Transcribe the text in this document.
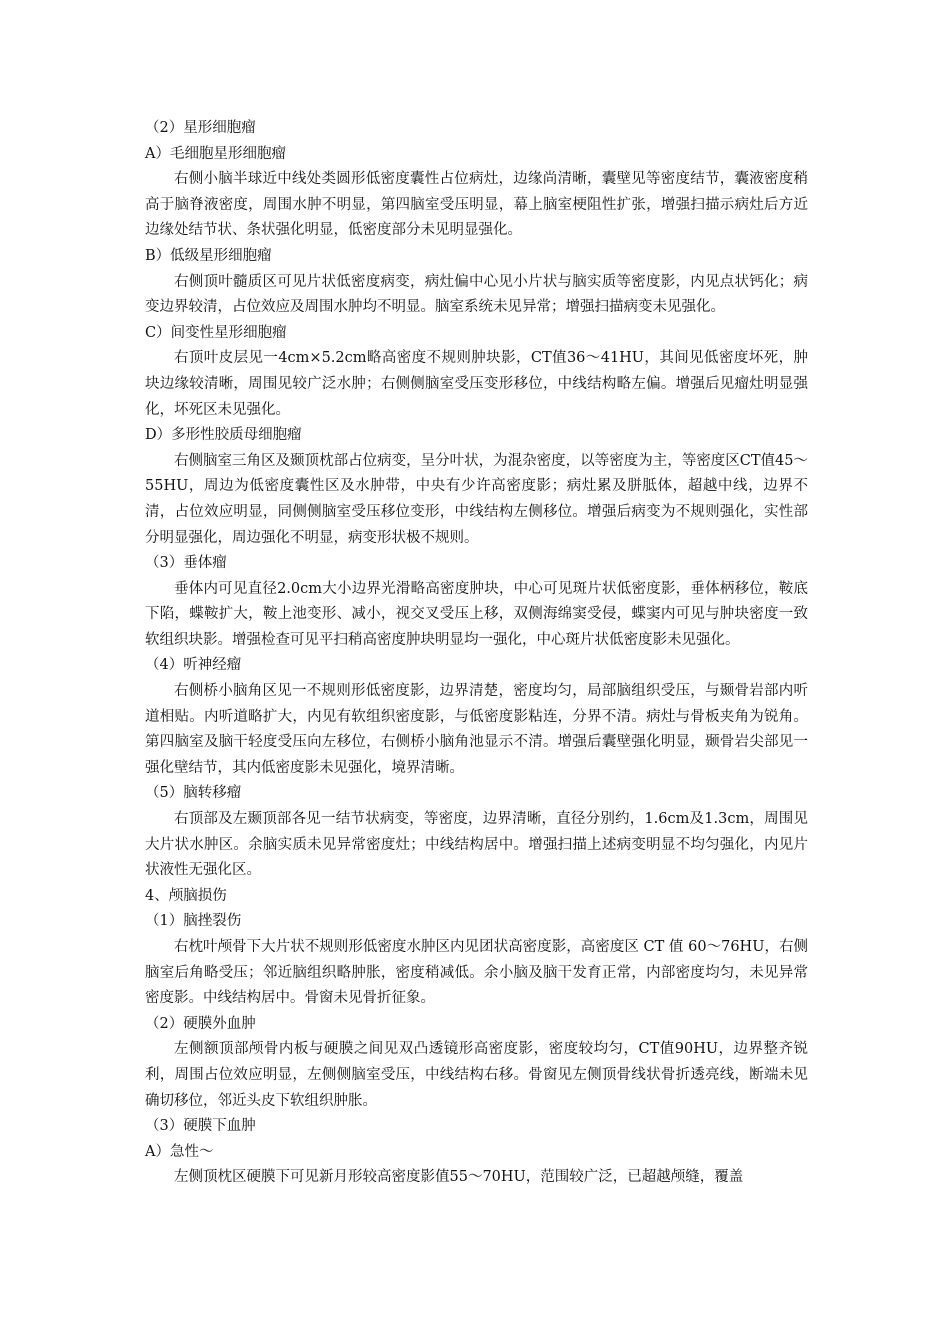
（2）星形细胞瘤

A）毛细胞星形细胞瘤

右侧小脑半球近中线处类圆形低密度囊性占位病灶，边缘尚清晰，囊壁见等密度结节，囊液密度稍高于脑脊液密度，周围水肿不明显，第四脑室受压明显，幕上脑室梗阻性扩张，增强扫描示病灶后方近边缘处结节状、条状强化明显，低密度部分未见明显强化。

B）低级星形细胞瘤

右侧顶叶髓质区可见片状低密度病变，病灶偏中心见小片状与脑实质等密度影，内见点状钙化；病变边界较清，占位效应及周围水肿均不明显。脑室系统未见异常；增强扫描病变未见强化。

C）间变性星形细胞瘤

右顶叶皮层见一4cm×5.2cm略高密度不规则肿块影，CT值36～41HU，其间见低密度坏死，肿块边缘较清晰，周围见较广泛水肿；右侧侧脑室受压变形移位，中线结构略左偏。增强后见瘤灶明显强化，坏死区未见强化。

D）多形性胶质母细胞瘤

右侧脑室三角区及颞顶枕部占位病变，呈分叶状，为混杂密度，以等密度为主，等密度区CT值45～55HU，周边为低密度囊性区及水肿带，中央有少许高密度影；病灶累及胼胝体，超越中线，边界不清，占位效应明显，同侧侧脑室受压移位变形，中线结构左侧移位。增强后病变为不规则强化，实性部分明显强化，周边强化不明显，病变形状极不规则。

（3）垂体瘤

垂体内可见直径2.0cm大小边界光滑略高密度肿块，中心可见斑片状低密度影，垂体柄移位，鞍底下陷，蝶鞍扩大，鞍上池变形、减小，视交叉受压上移，双侧海绵窦受侵，蝶窦内可见与肿块密度一致软组织块影。增强检查可见平扫稍高密度肿块明显均一强化，中心斑片状低密度影未见强化。

（4）听神经瘤

右侧桥小脑角区见一不规则形低密度影，边界清楚，密度均匀，局部脑组织受压，与颞骨岩部内听道相贴。内听道略扩大，内见有软组织密度影，与低密度影粘连，分界不清。病灶与骨板夹角为锐角。第四脑室及脑干轻度受压向左移位，右侧桥小脑角池显示不清。增强后囊壁强化明显，颞骨岩尖部见一强化壁结节，其内低密度影未见强化，境界清晰。

（5）脑转移瘤

右顶部及左颞顶部各见一结节状病变，等密度，边界清晰，直径分别约，1.6cm及1.3cm，周围见大片状水肿区。余脑实质未见异常密度灶；中线结构居中。增强扫描上述病变明显不均匀强化，内见片状液性无强化区。

4、颅脑损伤

（1）脑挫裂伤

右枕叶颅骨下大片状不规则形低密度水肿区内见团状高密度影，高密度区 CT 值 60～76HU，右侧脑室后角略受压；邻近脑组织略肿胀，密度稍减低。余小脑及脑干发育正常，内部密度均匀，未见异常密度影。中线结构居中。骨窗未见骨折征象。

（2）硬膜外血肿

左侧额顶部颅骨内板与硬膜之间见双凸透镜形高密度影，密度较均匀，CT值90HU，边界整齐锐利，周围占位效应明显，左侧侧脑室受压，中线结构右移。骨窗见左侧顶骨线状骨折透亮线，断端未见确切移位，邻近头皮下软组织肿胀。

（3）硬膜下血肿

A）急性～

左侧顶枕区硬膜下可见新月形较高密度影值55～70HU，范围较广泛，已超越颅缝，覆盖
